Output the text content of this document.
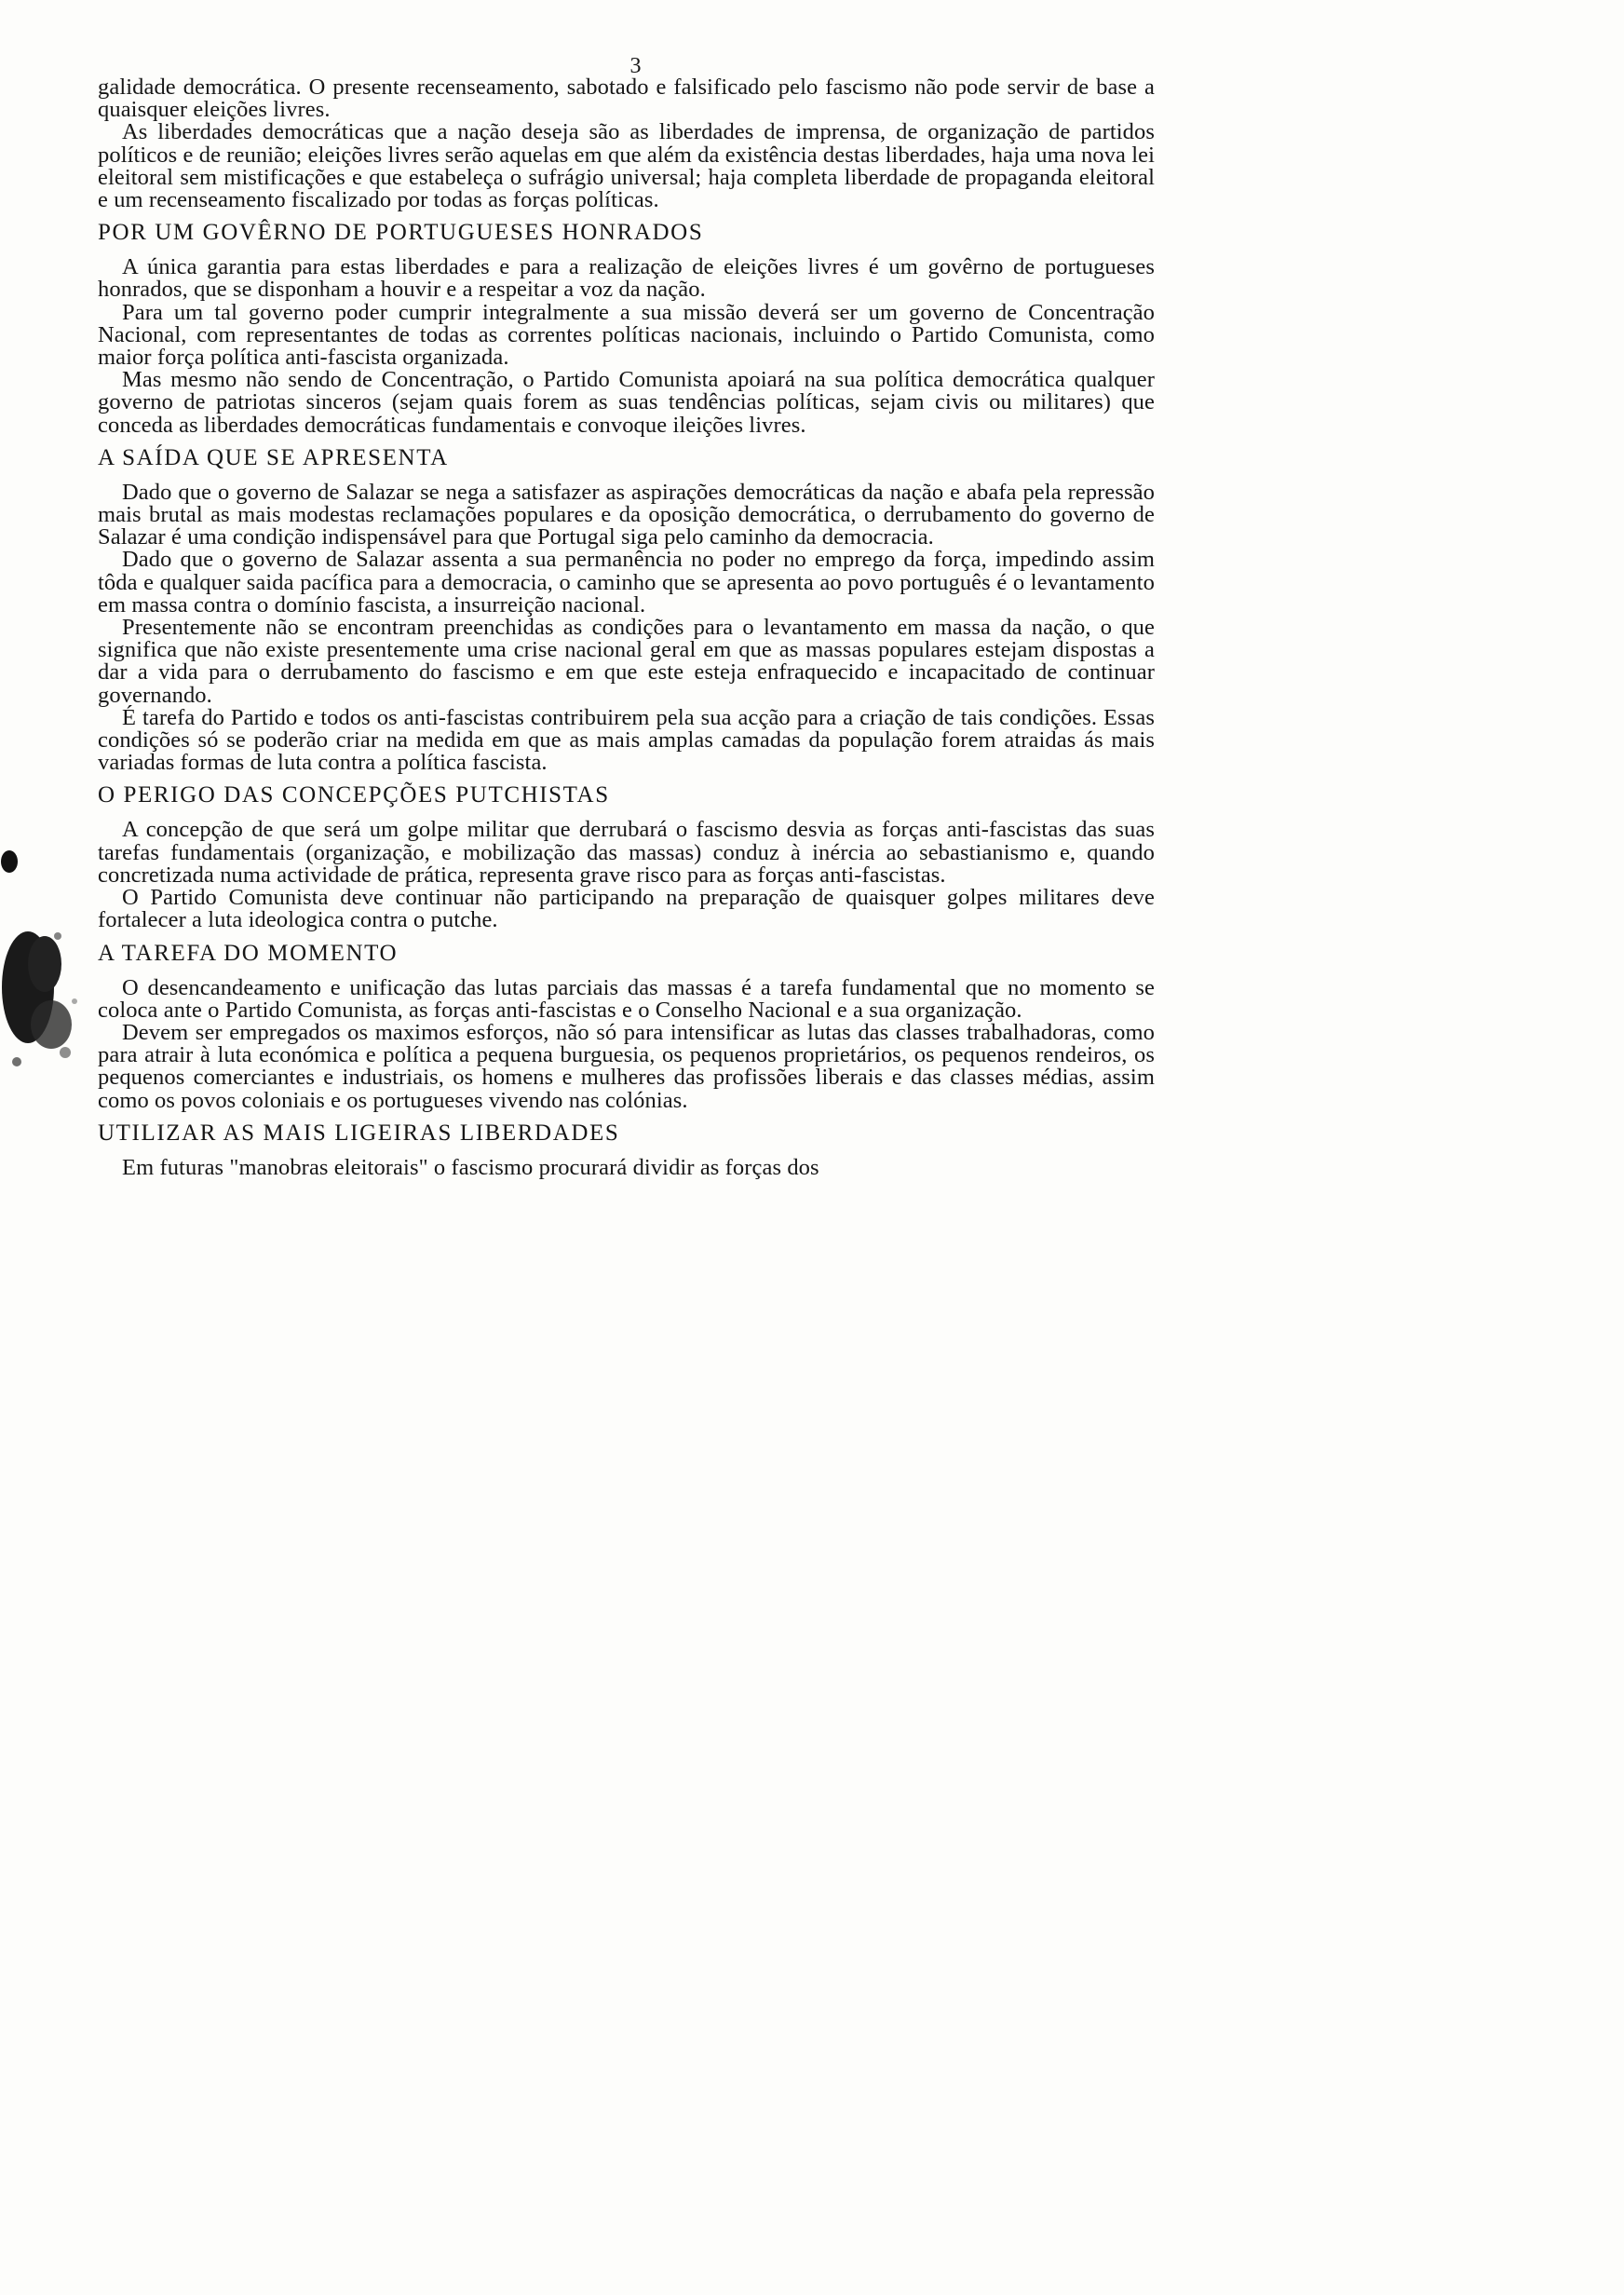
3

galidade democrática. O presente recenseamento, sabotado e falsificado pelo fascismo não pode servir de base a quaisquer eleições livres.

As liberdades democráticas que a nação deseja são as liberdades de imprensa, de organização de partidos políticos e de reunião; eleições livres serão aquelas em que além da existência destas liberdades, haja uma nova lei eleitoral sem mistificações e que estabeleça o sufrágio universal; haja completa liberdade de propaganda eleitoral e um recenseamento fiscalizado por todas as forças políticas.

POR UM GOVÊRNO DE PORTUGUESES HONRADOS

A única garantia para estas liberdades e para a realização de eleições livres é um govêrno de portugueses honrados, que se disponham a houvir e a respeitar a voz da nação.

Para um tal governo poder cumprir integralmente a sua missão deverá ser um governo de Concentração Nacional, com representantes de todas as correntes políticas nacionais, incluindo o Partido Comunista, como maior força política anti-fascista organizada.

Mas mesmo não sendo de Concentração, o Partido Comunista apoiará na sua política democrática qualquer governo de patriotas sinceros (sejam quais forem as suas tendências políticas, sejam civis ou militares) que conceda as liberdades democráticas fundamentais e convoque ileições livres.

A SAÍDA QUE SE APRESENTA

Dado que o governo de Salazar se nega a satisfazer as aspirações democráticas da nação e abafa pela repressão mais brutal as mais modestas reclamações populares e da oposição democrática, o derrubamento do governo de Salazar é uma condição indispensável para que Portugal siga pelo caminho da democracia.

Dado que o governo de Salazar assenta a sua permanência no poder no emprego da força, impedindo assim tôda e qualquer saida pacífica para a democracia, o caminho que se apresenta ao povo português é o levantamento em massa contra o domínio fascista, a insurreição nacional.

Presentemente não se encontram preenchidas as condições para o levantamento em massa da nação, o que significa que não existe presentemente uma crise nacional geral em que as massas populares estejam dispostas a dar a vida para o derrubamento do fascismo e em que este esteja enfraquecido e incapacitado de continuar governando.

É tarefa do Partido e todos os anti-fascistas contribuirem pela sua acção para a criação de tais condições. Essas condições só se poderão criar na medida em que as mais amplas camadas da população forem atraidas ás mais variadas formas de luta contra a política fascista.

O PERIGO DAS CONCEPÇÕES PUTCHISTAS

A concepção de que será um golpe militar que derrubará o fascismo desvia as forças anti-fascistas das suas tarefas fundamentais (organização, e mobilização das massas) conduz à inércia ao sebastianismo e, quando concretizada numa actividade de prática, representa grave risco para as forças anti-fascistas.

O Partido Comunista deve continuar não participando na preparação de quaisquer golpes militares deve fortalecer a luta ideologica contra o putche.

A TAREFA DO MOMENTO

O desencandeamento e unificação das lutas parciais das massas é a tarefa fundamental que no momento se coloca ante o Partido Comunista, as forças anti-fascistas e o Conselho Nacional e a sua organização.

Devem ser empregados os maximos esforços, não só para intensificar as lutas das classes trabalhadoras, como para atrair à luta económica e política a pequena burguesia, os pequenos proprietários, os pequenos rendeiros, os pequenos comerciantes e industriais, os homens e mulheres das profissões liberais e das classes médias, assim como os povos coloniais e os portugueses vivendo nas colónias.

UTILIZAR AS MAIS LIGEIRAS LIBERDADES

Em futuras "manobras eleitorais" o fascismo procurará dividir as forças dos
